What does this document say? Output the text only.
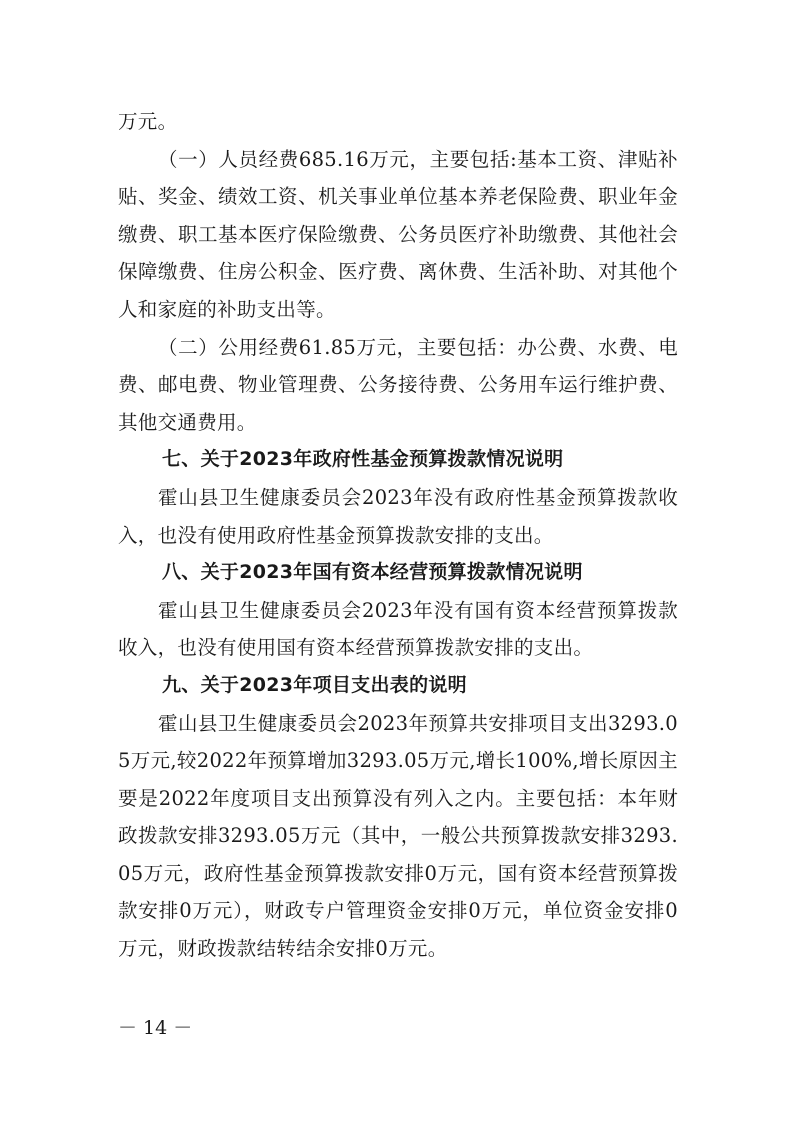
万元。

（一）人员经费685.16万元，主要包括:基本工资、津贴补贴、奖金、绩效工资、机关事业单位基本养老保险费、职业年金缴费、职工基本医疗保险缴费、公务员医疗补助缴费、其他社会保障缴费、住房公积金、医疗费、离休费、生活补助、对其他个人和家庭的补助支出等。

（二）公用经费61.85万元，主要包括：办公费、水费、电费、邮电费、物业管理费、公务接待费、公务用车运行维护费、其他交通费用。

七、关于2023年政府性基金预算拨款情况说明

霍山县卫生健康委员会2023年没有政府性基金预算拨款收入，也没有使用政府性基金预算拨款安排的支出。

八、关于2023年国有资本经营预算拨款情况说明

霍山县卫生健康委员会2023年没有国有资本经营预算拨款收入，也没有使用国有资本经营预算拨款安排的支出。

九、关于2023年项目支出表的说明

霍山县卫生健康委员会2023年预算共安排项目支出3293.05万元,较2022年预算增加3293.05万元,增长100%,增长原因主要是2022年度项目支出预算没有列入之内。主要包括：本年财政拨款安排3293.05万元（其中，一般公共预算拨款安排3293.05万元，政府性基金预算拨款安排0万元，国有资本经营预算拨款安排0万元），财政专户管理资金安排0万元，单位资金安排0万元，财政拨款结转结余安排0万元。

－ 14 －
